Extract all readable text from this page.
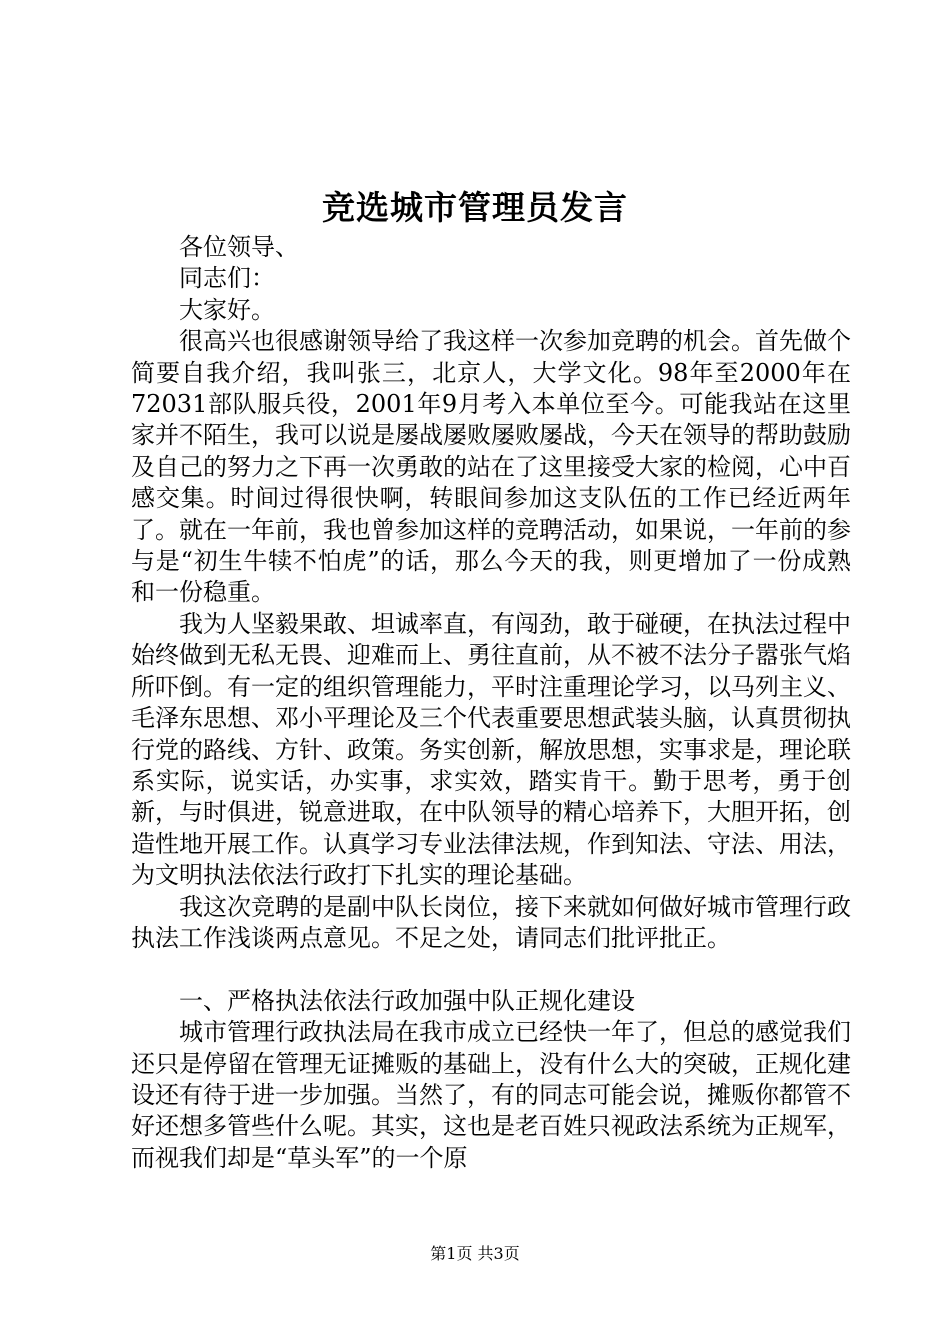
竞选城市管理员发言

各位领导、

同志们：

大家好。

很高兴也很感谢领导给了我这样一次参加竞聘的机会。首先做个简要自我介绍，我叫张三，北京人，大学文化。98年至2000年在72031部队服兵役，2001年9月考入本单位至今。可能我站在这里家并不陌生，我可以说是屡战屡败屡败屡战，今天在领导的帮助鼓励及自己的努力之下再一次勇敢的站在了这里接受大家的检阅，心中百感交集。时间过得很快啊，转眼间参加这支队伍的工作已经近两年了。就在一年前，我也曾参加这样的竞聘活动，如果说，一年前的参与是“初生牛犊不怕虎”的话，那么今天的我，则更增加了一份成熟和一份稳重。

我为人坚毅果敢、坦诚率直，有闯劲，敢于碰硬，在执法过程中始终做到无私无畏、迎难而上、勇往直前，从不被不法分子嚣张气焰所吓倒。有一定的组织管理能力，平时注重理论学习，以马列主义、毛泽东思想、邓小平理论及三个代表重要思想武装头脑，认真贯彻执行党的路线、方针、政策。务实创新，解放思想，实事求是，理论联系实际，说实话，办实事，求实效，踏实肯干。勤于思考，勇于创新，与时俱进，锐意进取，在中队领导的精心培养下，大胆开拓，创造性地开展工作。认真学习专业法律法规，作到知法、守法、用法，为文明执法依法行政打下扎实的理论基础。

我这次竞聘的是副中队长岗位，接下来就如何做好城市管理行政执法工作浅谈两点意见。不足之处，请同志们批评批正。

一、严格执法依法行政加强中队正规化建设

城市管理行政执法局在我市成立已经快一年了，但总的感觉我们还只是停留在管理无证摊贩的基础上，没有什么大的突破，正规化建设还有待于进一步加强。当然了，有的同志可能会说，摊贩你都管不好还想多管些什么呢。其实，这也是老百姓只视政法系统为正规军，而视我们却是“草头军”的一个原

第1页 共3页
